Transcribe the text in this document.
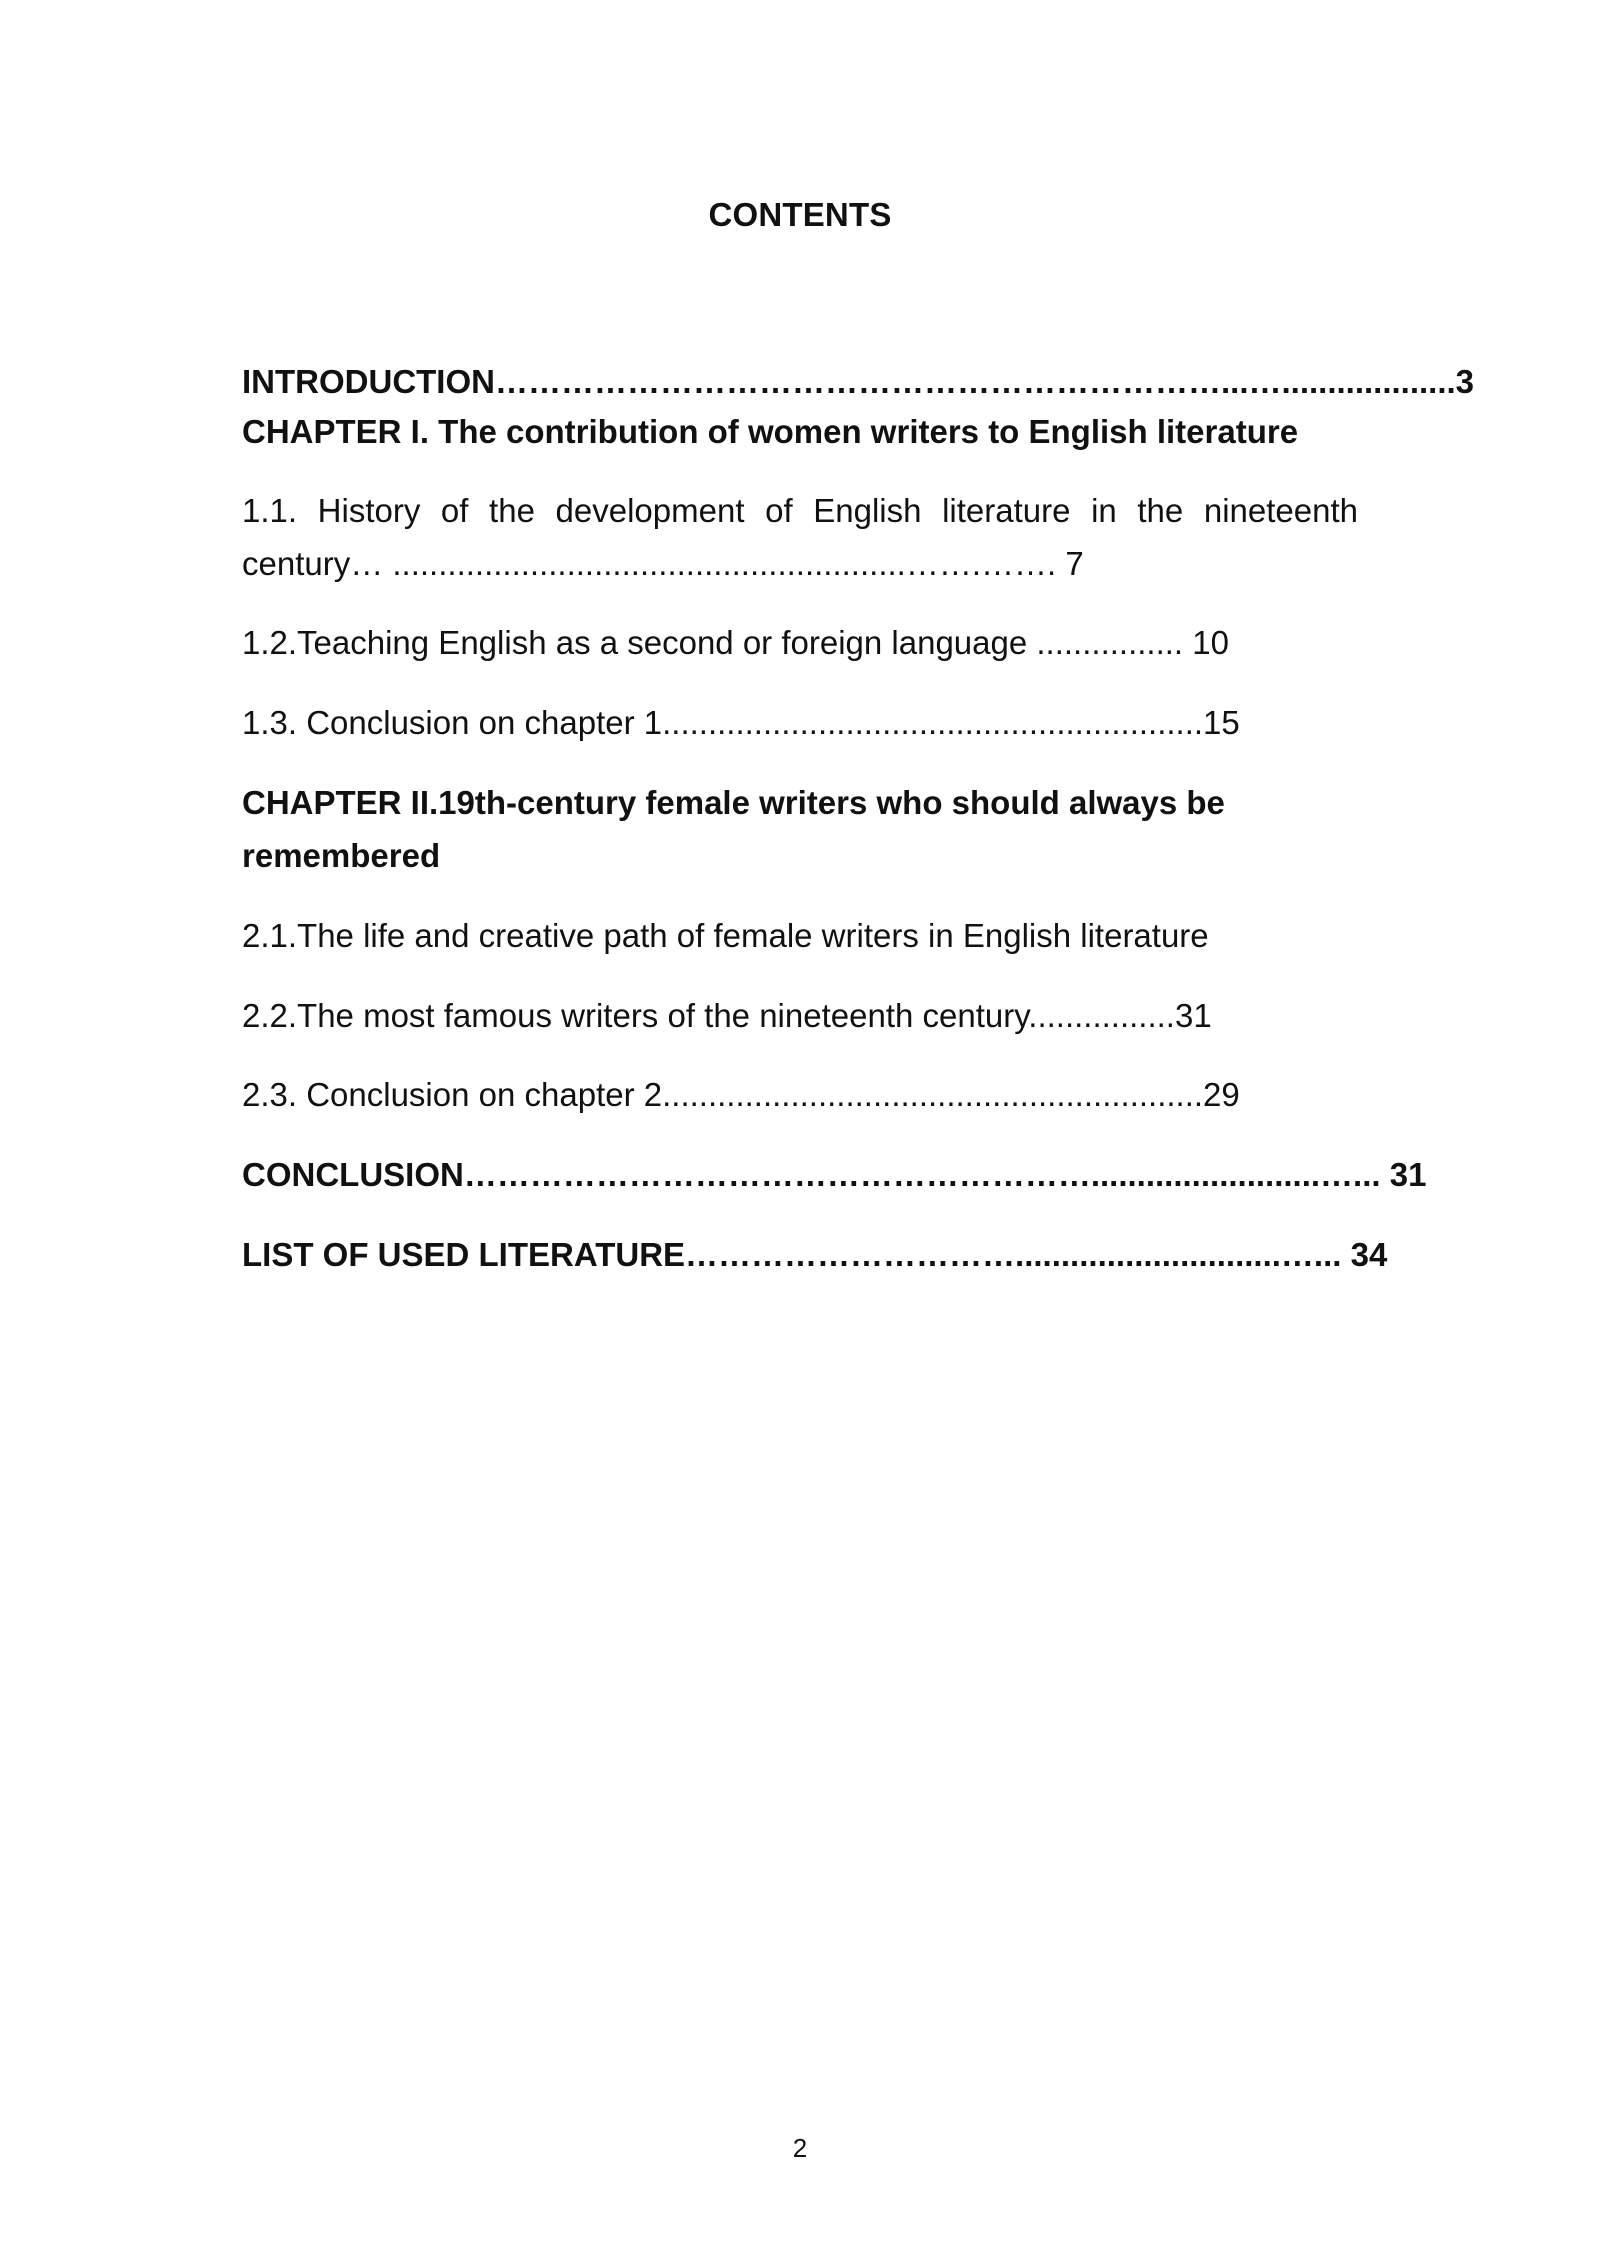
CONTENTS
INTRODUCTION…………………………………………………………...…...................3
CHAPTER I. The contribution of women writers to English literature
1.1. History of the development of English literature in the nineteenth century… ........................................................…….……. 7
1.2.Teaching English as a second or foreign language ................ 10
1.3. Conclusion on chapter 1...........................................................15
CHAPTER II.19th-century female writers who should always be remembered
2.1.The life and creative path of female writers in English literature
2.2.The most famous writers of the nineteenth century................31
2.3. Conclusion on chapter 2...........................................................29
CONCLUSION………………………………………………….........................…... 31
LIST OF USED LITERATURE………………………….............................…... 34
2
